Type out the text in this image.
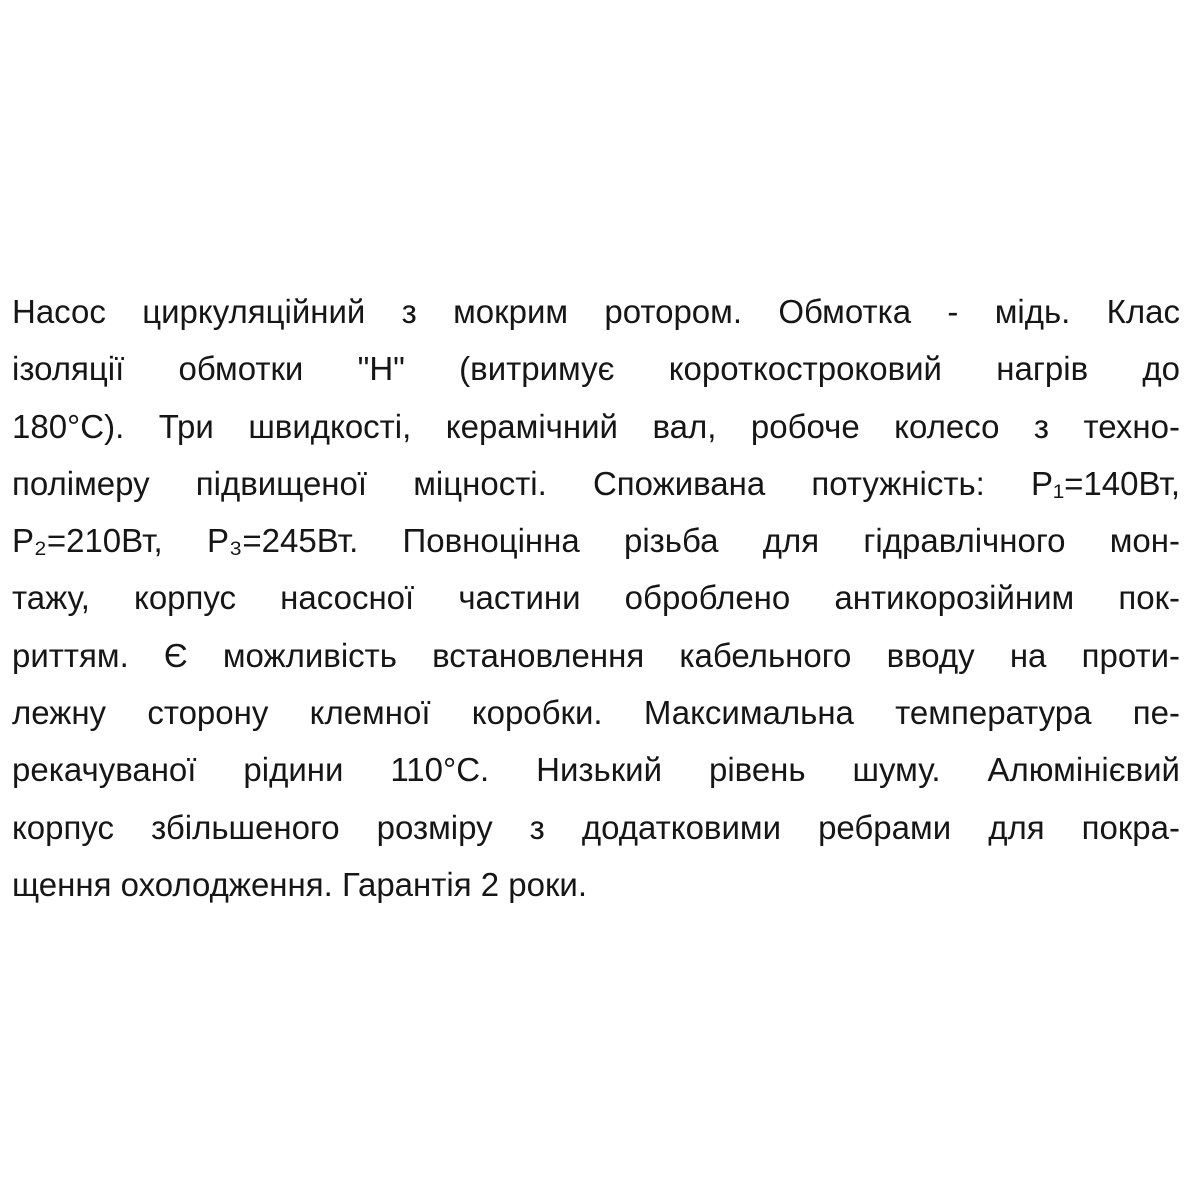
Насос циркуляційний з мокрим ротором. Обмотка - мідь. Клас
ізоляції обмотки "Н" (витримує короткостроковий нагрів до
180°С). Три швидкості, керамічний вал, робоче колесо з техно-
полімеру підвищеної міцності. Споживана потужність: Р₁=140Вт,
Р₂=210Вт, Р₃=245Вт. Повноцінна різьба для гідравлічного мон-
тажу, корпус насосної частини оброблено антикорозійним пок-
риттям. Є можливість встановлення кабельного вводу на проти-
лежну сторону клемної коробки. Максимальна температура пе-
рекачуваної рідини 110°С. Низький рівень шуму. Алюмінієвий
корпус збільшеного розміру з додатковими ребрами для покра-
щення охолодження. Гарантія 2 роки.
